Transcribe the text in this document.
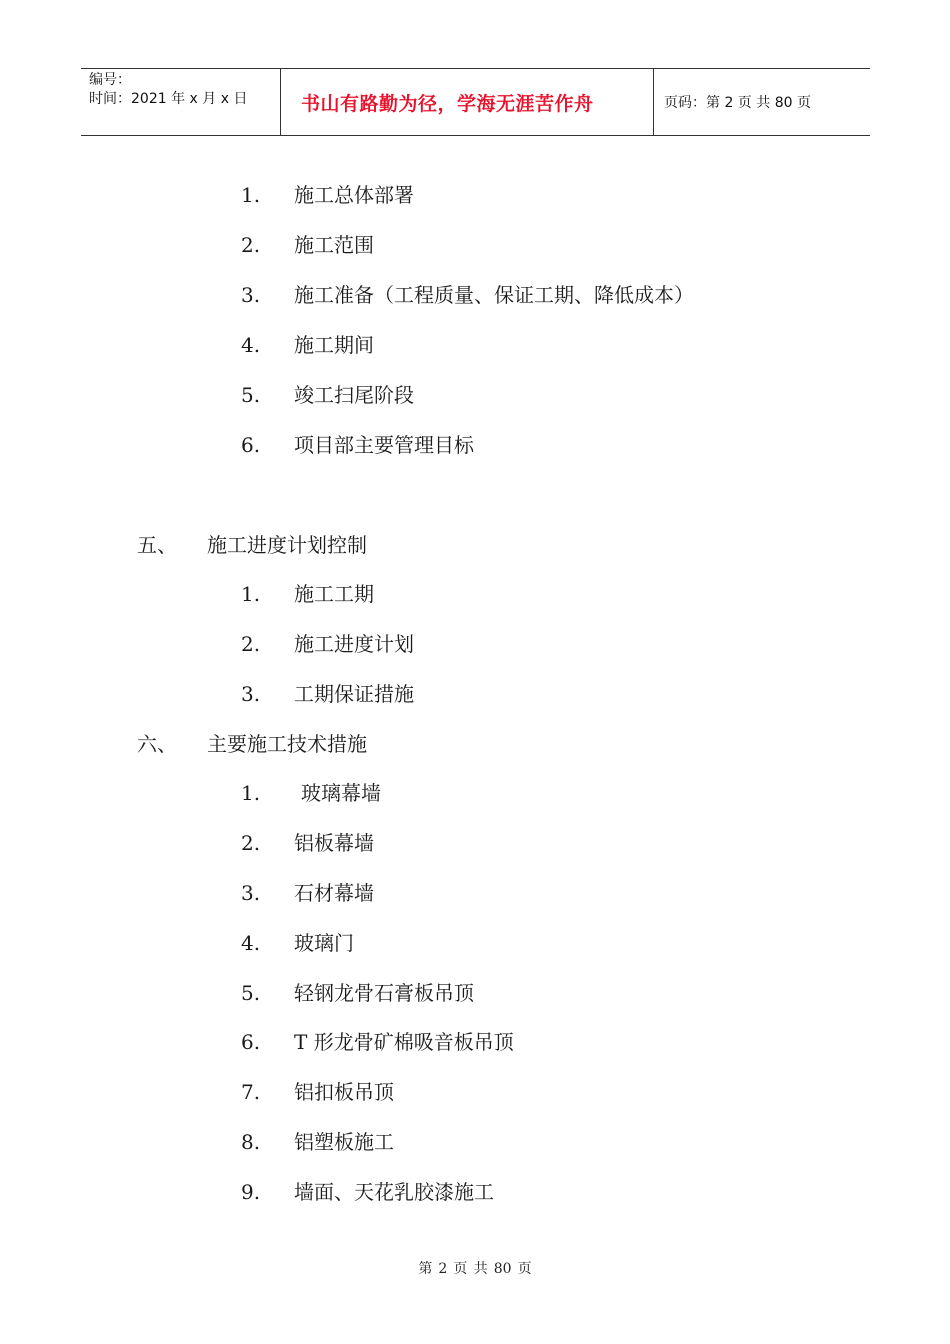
编号：
时间：2021 年 x 月 x 日	书山有路勤为径，学海无涯苦作舟	页码：第 2 页 共 80 页
1. 施工总体部署
2. 施工范围
3. 施工准备（工程质量、保证工期、降低成本）
4. 施工期间
5. 竣工扫尾阶段
6. 项目部主要管理目标
五、 施工进度计划控制
1. 施工工期
2. 施工进度计划
3. 工期保证措施
六、 主要施工技术措施
1. 玻璃幕墙
2. 铝板幕墙
3. 石材幕墙
4. 玻璃门
5. 轻钢龙骨石膏板吊顶
6. T 形龙骨矿棉吸音板吊顶
7. 铝扣板吊顶
8. 铝塑板施工
9. 墙面、天花乳胶漆施工
第 2 页 共 80 页
